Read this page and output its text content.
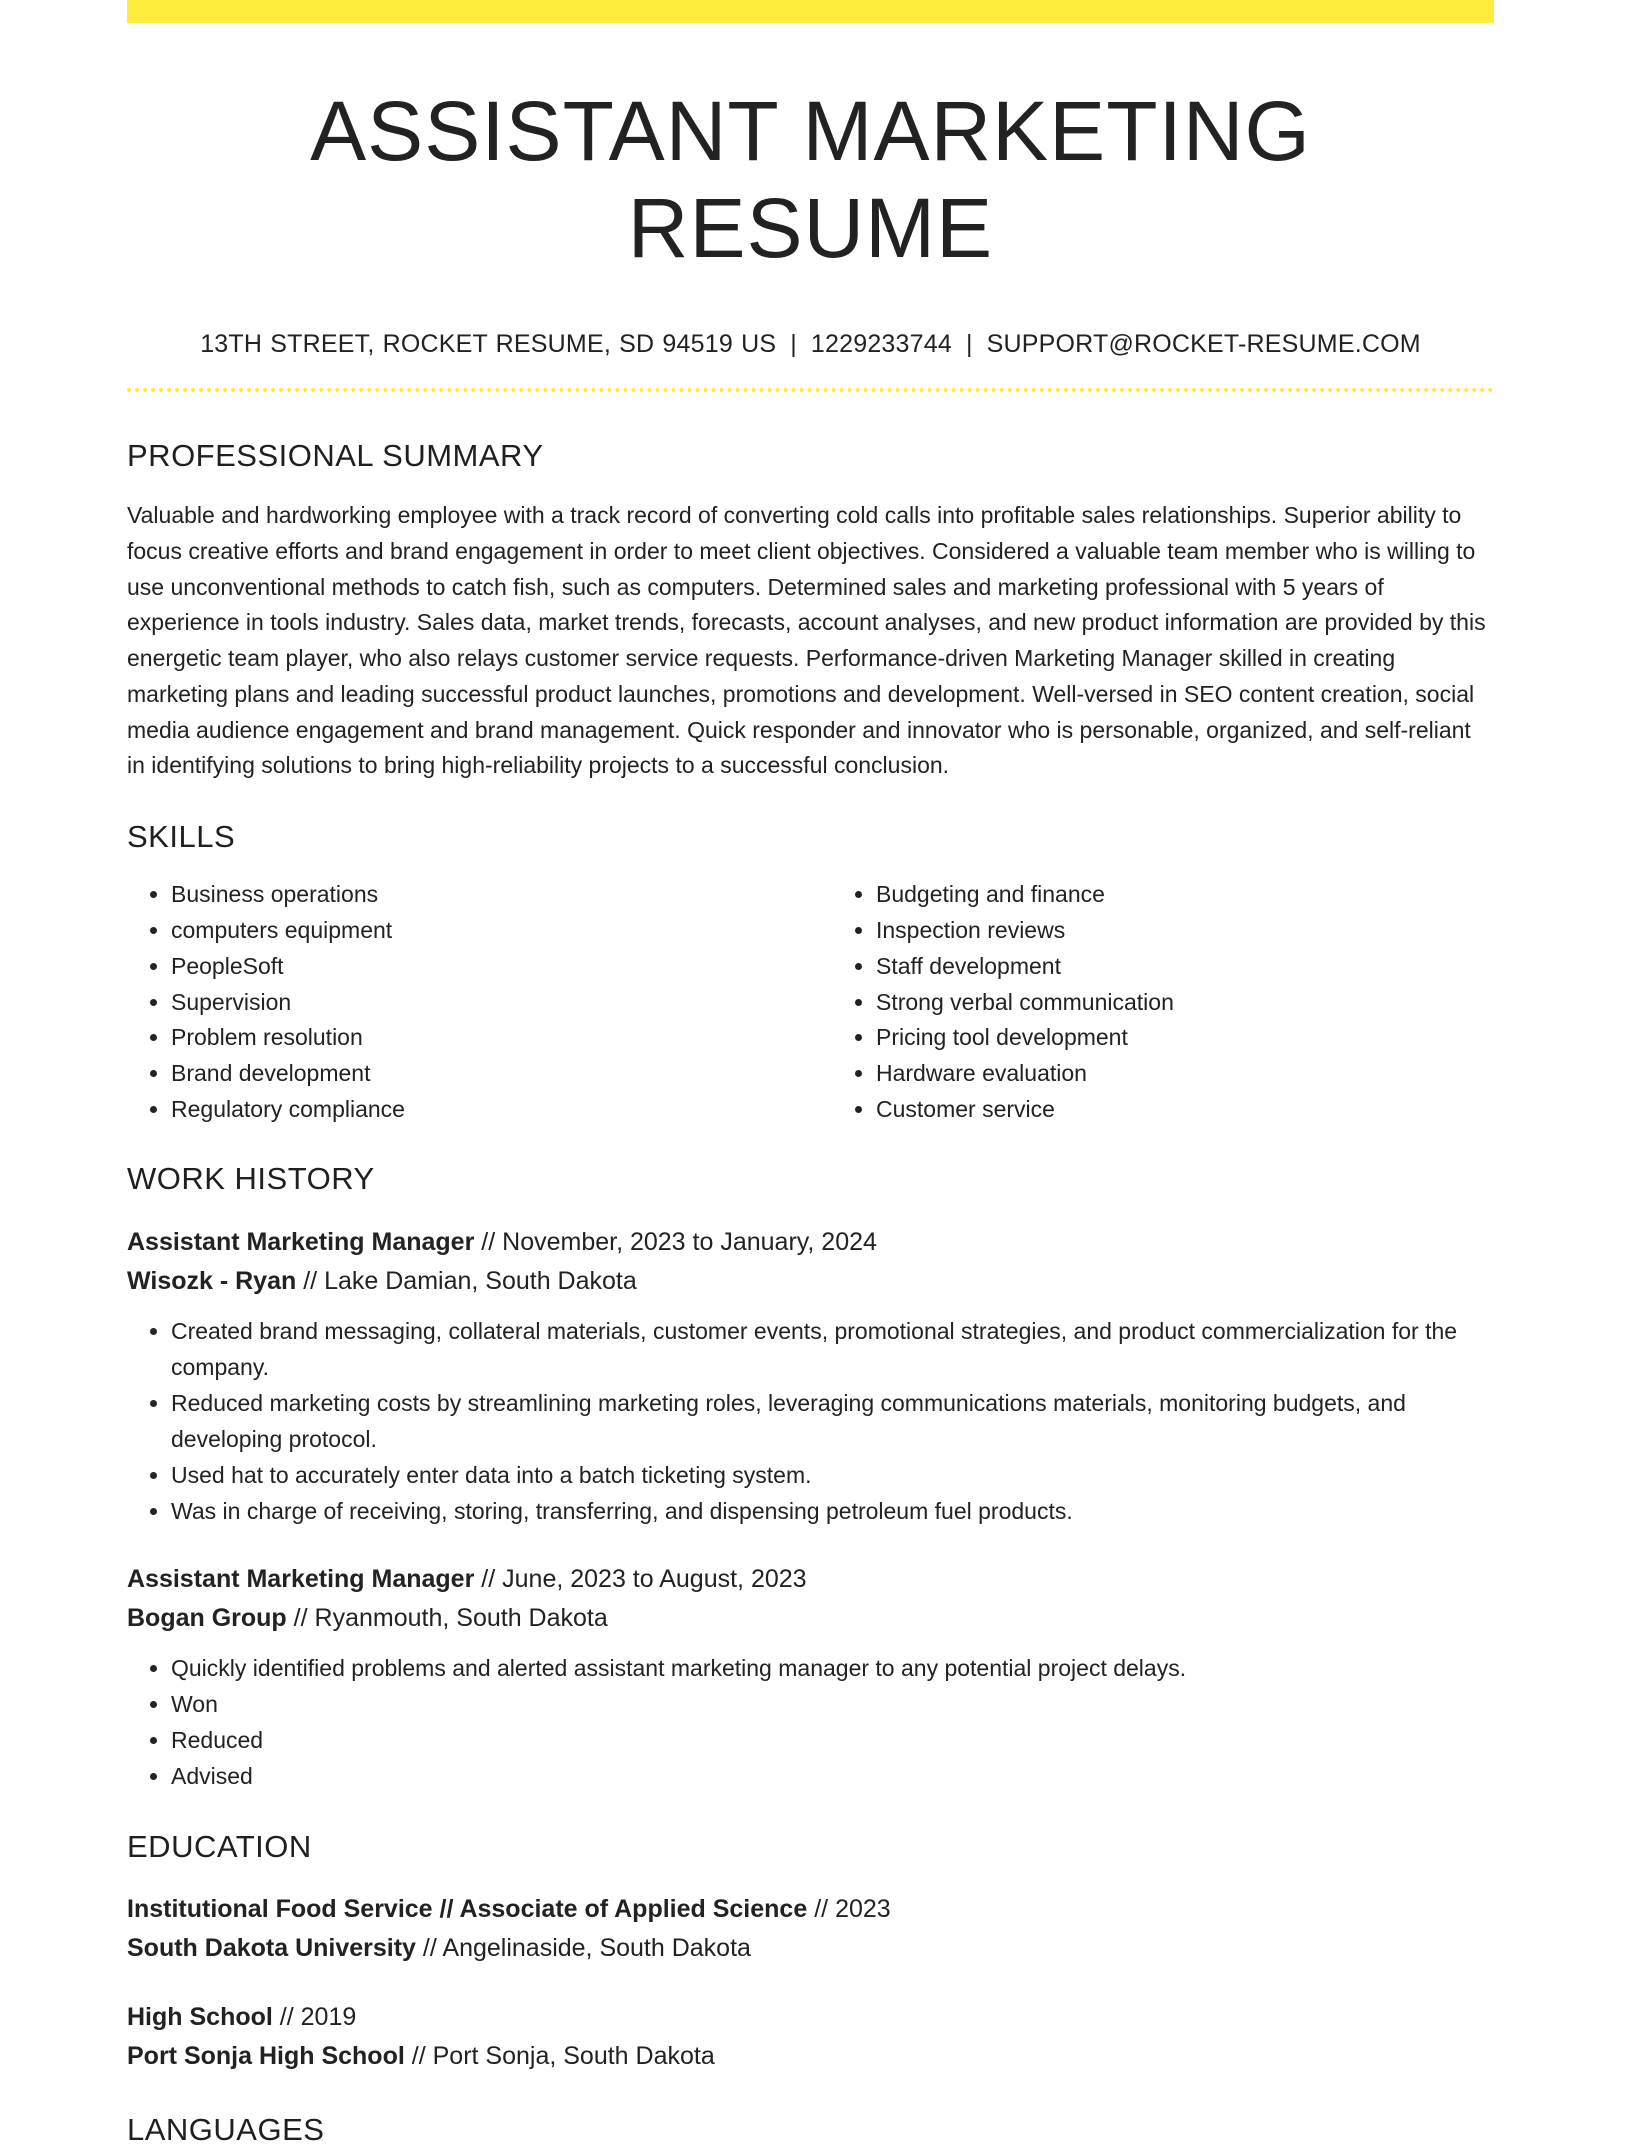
ASSISTANT MARKETING RESUME
13TH STREET, ROCKET RESUME, SD 94519 US | 1229233744 | SUPPORT@ROCKET-RESUME.COM
PROFESSIONAL SUMMARY

Valuable and hardworking employee with a track record of converting cold calls into profitable sales relationships. Superior ability to focus creative efforts and brand engagement in order to meet client objectives. Considered a valuable team member who is willing to use unconventional methods to catch fish, such as computers. Determined sales and marketing professional with 5 years of experience in tools industry. Sales data, market trends, forecasts, account analyses, and new product information are provided by this energetic team player, who also relays customer service requests. Performance-driven Marketing Manager skilled in creating marketing plans and leading successful product launches, promotions and development. Well-versed in SEO content creation, social media audience engagement and brand management. Quick responder and innovator who is personable, organized, and self-reliant in identifying solutions to bring high-reliability projects to a successful conclusion.

SKILLS
• Business operations
• computers equipment
• PeopleSoft
• Supervision
• Problem resolution
• Brand development
• Regulatory compliance
• Budgeting and finance
• Inspection reviews
• Staff development
• Strong verbal communication
• Pricing tool development
• Hardware evaluation
• Customer service
WORK HISTORY
Assistant Marketing Manager // November, 2023 to January, 2024
Wisozk - Ryan // Lake Damian, South Dakota
• Created brand messaging, collateral materials, customer events, promotional strategies, and product commercialization for the company.
• Reduced marketing costs by streamlining marketing roles, leveraging communications materials, monitoring budgets, and developing protocol.
• Used hat to accurately enter data into a batch ticketing system.
• Was in charge of receiving, storing, transferring, and dispensing petroleum fuel products.
Assistant Marketing Manager // June, 2023 to August, 2023
Bogan Group // Ryanmouth, South Dakota
• Quickly identified problems and alerted assistant marketing manager to any potential project delays.
• Won
• Reduced
• Advised
EDUCATION
Institutional Food Service // Associate of Applied Science // 2023
South Dakota University // Angelinaside, South Dakota
High School // 2019
Port Sonja High School // Port Sonja, South Dakota
LANGUAGES
